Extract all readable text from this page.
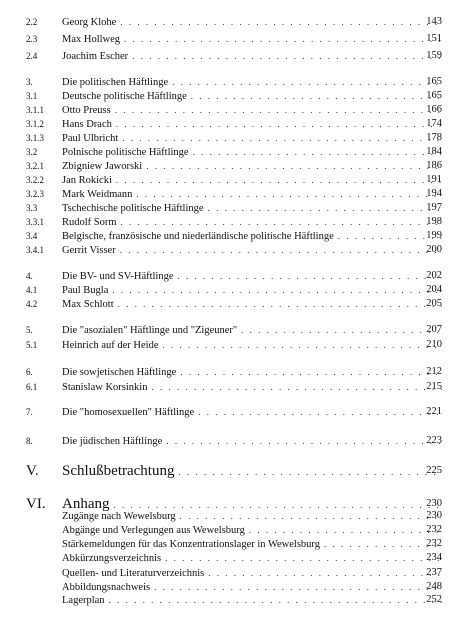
2.2 Georg Klohe . . .	143
2.3 Max Hollweg . . .	151
2.4 Joachim Escher . . .	159
3.	Die politischen Häftlinge . . .	165
3.1 Deutsche politische Häftlinge . . .	165
3.1.1 Otto Preuss . . .	166
3.1.2 Hans Drach . . .	174
3.1.3 Paul Ulbricht . . .	178
3.2 Polnische politische Häftlinge . . .	184
3.2.1 Zbigniew Jaworski . . .	186
3.2.2 Jan Rokicki . . .	191
3.2.3 Mark Weidmann . . .	194
3.3 Tschechische politische Häftlinge . . .	197
3.3.1 Rudolf Sorm . . .	198
3.4 Belgische, französische und niederländische politische Häftlinge . . .	199
3.4.1 Gerrit Visser . . .	200
4.	Die BV- und SV-Häftlinge . . .	202
4.1 Paul Bugla . . .	204
4.2 Max Schlott . . .	205
5.	Die "asozialen" Häftlinge und "Zigeuner" . . .	207
5.1 Heinrich auf der Heide . . .	210
6.	Die sowjetischen Häftlinge . . .	212
6.1 Stanislaw Korsinkin . . .	215
7.	Die "homosexuellen" Häftlinge . . .	221
8.	Die jüdischen Häftlinge . . .	223
V. Schlußbetrachtung . . .	225
VI. Anhang . . .	230
Zugänge nach Wewelsburg . . .	230
Abgänge und Verlegungen aus Wewelsburg . . .	232
Stärkemeldungen für das Konzentrationslager in Wewelsburg . . .	232
Abkürzungsverzeichnis . . .	234
Quellen- und Literaturverzeichnis . . .	237
Abbildungsnachweis . . .	248
Lagerplan . . .	252
